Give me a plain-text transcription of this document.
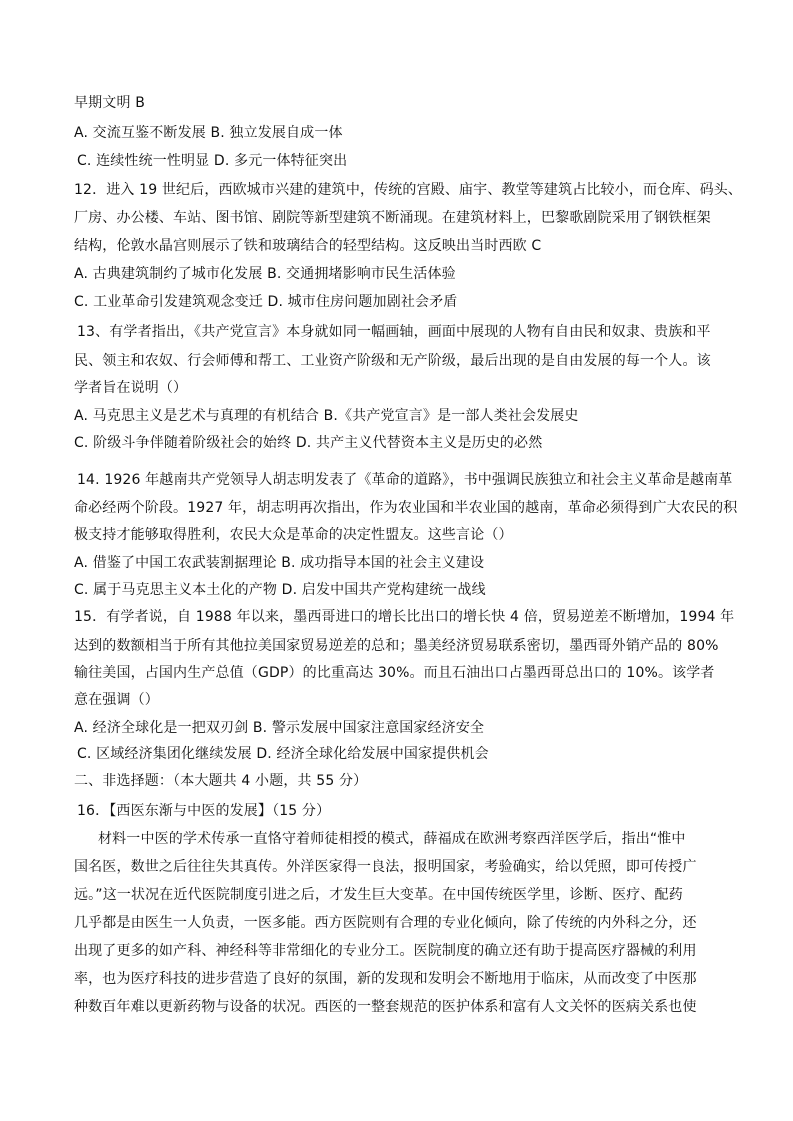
早期文明 B
A. 交流互鉴不断发展 B. 独立发展自成一体
C. 连续性统一性明显 D. 多元一体特征突出
12．进入 19 世纪后，西欧城市兴建的建筑中，传统的宫殿、庙宇、教堂等建筑占比较小，而仓库、码头、
厂房、办公楼、车站、图书馆、剧院等新型建筑不断涌现。在建筑材料上，巴黎歌剧院采用了钢铁框架
结构，伦敦水晶宫则展示了铁和玻璃结合的轻型结构。这反映出当时西欧 C
A. 古典建筑制约了城市化发展 B. 交通拥堵影响市民生活体验
C. 工业革命引发建筑观念变迁 D. 城市住房问题加剧社会矛盾
13、有学者指出，《共产党宣言》本身就如同一幅画轴，画面中展现的人物有自由民和奴隶、贵族和平
民、领主和农奴、行会师傅和帮工、工业资产阶级和无产阶级，最后出现的是自由发展的每一个人。该
学者旨在说明（）
A. 马克思主义是艺术与真理的有机结合 B.《共产党宣言》是一部人类社会发展史
C. 阶级斗争伴随着阶级社会的始终 D. 共产主义代替资本主义是历史的必然
14. 1926 年越南共产党领导人胡志明发表了《革命的道路》，书中强调民族独立和社会主义革命是越南革
命必经两个阶段。1927 年，胡志明再次指出，作为农业国和半农业国的越南，革命必须得到广大农民的积
极支持才能够取得胜利，农民大众是革命的决定性盟友。这些言论（）
A. 借鉴了中国工农武装割据理论 B. 成功指导本国的社会主义建设
C. 属于马克思主义本土化的产物 D. 启发中国共产党构建统一战线
15．有学者说，自 1988 年以来，墨西哥进口的增长比出口的增长快 4 倍，贸易逆差不断增加，1994 年
达到的数额相当于所有其他拉美国家贸易逆差的总和；墨美经济贸易联系密切，墨西哥外销产品的 80%
输往美国，占国内生产总值（GDP）的比重高达 30%。而且石油出口占墨西哥总出口的 10%。该学者
意在强调（）
A. 经济全球化是一把双刃剑 B. 警示发展中国家注意国家经济安全
C. 区域经济集团化继续发展 D. 经济全球化给发展中国家提供机会
二、非选择题：（本大题共 4 小题，共 55 分）
16．【西医东渐与中医的发展】（15 分）
材料一中医的学术传承一直恪守着师徒相授的模式，薛福成在欧洲考察西洋医学后，指出“惟中
国名医，数世之后往往失其真传。外洋医家得一良法，报明国家，考验确实，给以凭照，即可传授广
远。”这一状况在近代医院制度引进之后，才发生巨大变革。在中国传统医学里，诊断、医疗、配药
几乎都是由医生一人负责，一医多能。西方医院则有合理的专业化倾向，除了传统的内外科之分，还
出现了更多的如产科、神经科等非常细化的专业分工。医院制度的确立还有助于提高医疗器械的利用
率，也为医疗科技的进步营造了良好的氛围，新的发现和发明会不断地用于临床，从而改变了中医那
种数百年难以更新药物与设备的状况。西医的一整套规范的医护体系和富有人文关怀的医病关系也使
